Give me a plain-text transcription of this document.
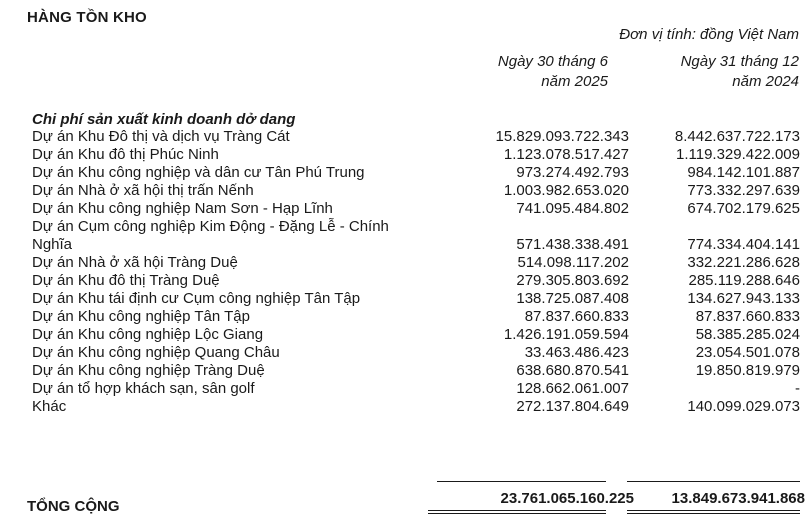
HÀNG TỒN KHO
Đơn vị tính: đồng Việt Nam
Ngày 30 tháng 6
năm 2025
Ngày 31 tháng 12
năm 2024
Chi phí sản xuất kinh doanh dở dang
Dự án Khu Đô thị và dịch vụ Tràng Cát	15.829.093.722.343	8.442.637.722.173
Dự án Khu đô thị Phúc Ninh	1.123.078.517.427	1.119.329.422.009
Dự án Khu công nghiệp và dân cư Tân Phú Trung	973.274.492.793	984.142.101.887
Dự án Nhà ở xã hội thị trấn Nếnh	1.003.982.653.020	773.332.297.639
Dự án Khu công nghiệp Nam Sơn - Hạp Lĩnh	741.095.484.802	674.702.179.625
Dự án Cụm công nghiệp Kim Động - Đặng Lễ - Chính Nghĩa	571.438.338.491	774.334.404.141
Dự án Nhà ở xã hội Tràng Duệ	514.098.117.202	332.221.286.628
Dự án Khu đô thị Tràng Duệ	279.305.803.692	285.119.288.646
Dự án Khu tái định cư Cụm công nghiệp Tân Tập	138.725.087.408	134.627.943.133
Dự án Khu công nghiệp Tân Tập	87.837.660.833	87.837.660.833
Dự án Khu công nghiệp Lộc Giang	1.426.191.059.594	58.385.285.024
Dự án Khu công nghiệp Quang Châu	33.463.486.423	23.054.501.078
Dự án Khu công nghiệp Tràng Duệ	638.680.870.541	19.850.819.979
Dự án tổ hợp khách sạn, sân golf	128.662.061.007	-
Khác	272.137.804.649	140.099.029.073
TỔNG CỘNG	23.761.065.160.225	13.849.673.941.868
